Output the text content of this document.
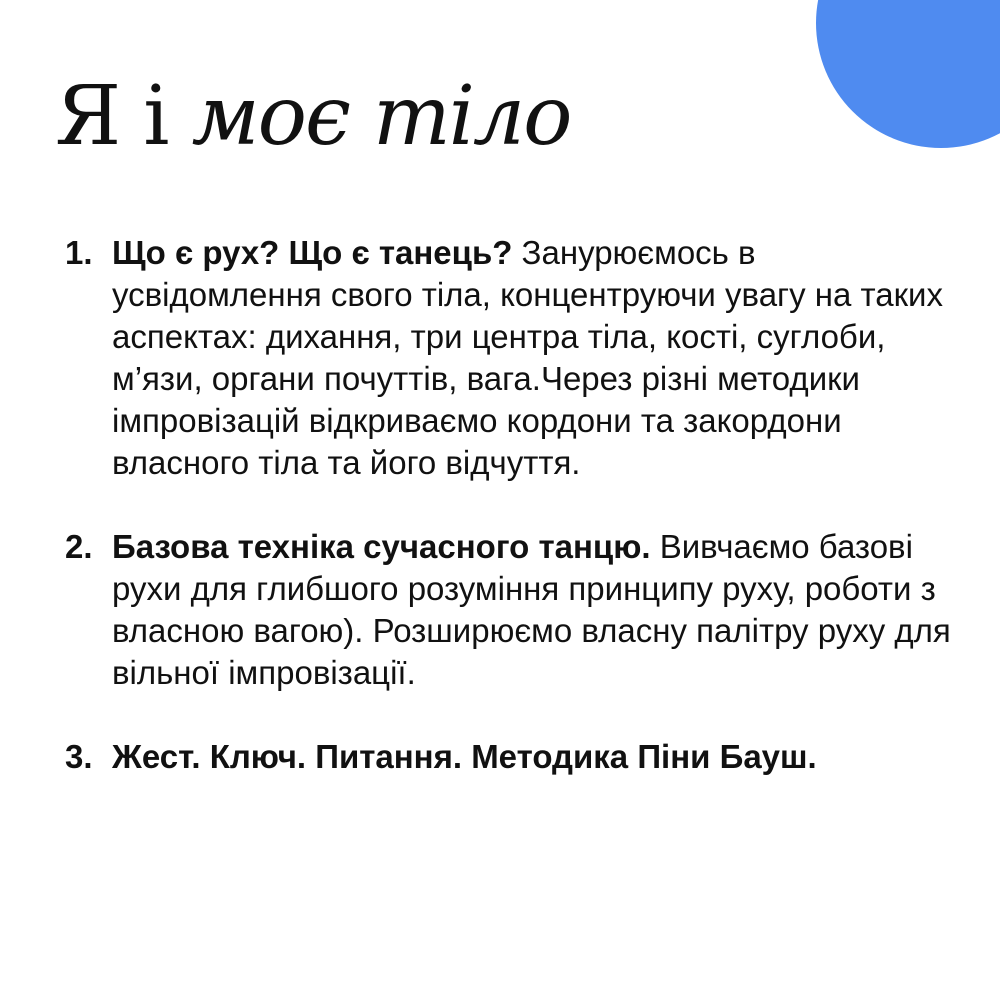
Я і моє тіло
1. Що є рух? Що є танець? Занурюємось в усвідомлення свого тіла, концентруючи увагу на таких аспектах: дихання, три центра тіла, кості, суглоби, м’язи, органи почуттів, вага.Через різні методики імпровізацій відкриваємо кордони та закордони власного тіла та його відчуття.
2. Базова техніка сучасного танцю. Вивчаємо базові рухи для глибшого розуміння принципу руху, роботи з власною вагою). Розширюємо власну палітру руху для вільної імпровізації.
3. Жест. Ключ. Питання. Методика Піни Бауш.
